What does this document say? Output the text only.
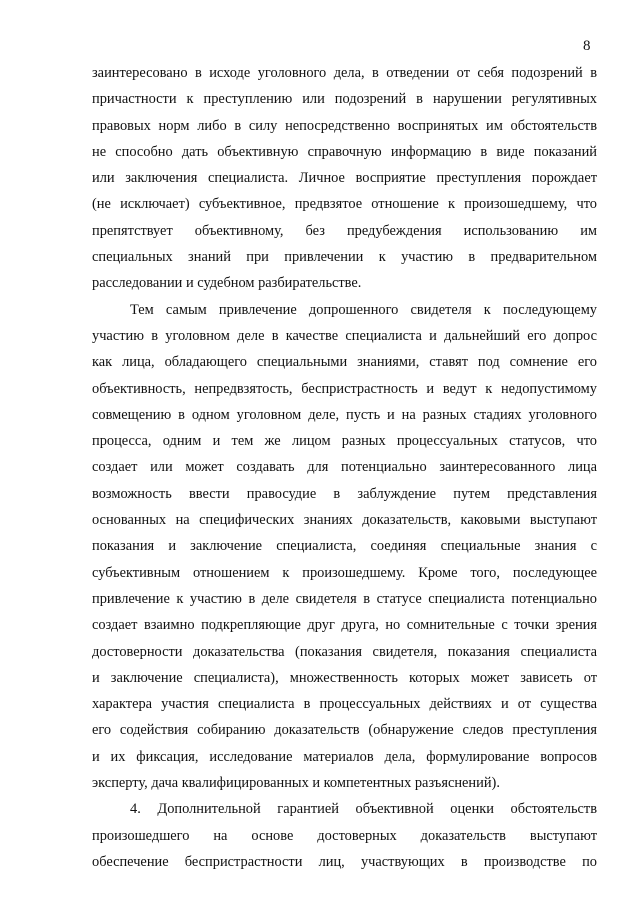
8
заинтересовано в исходе уголовного дела, в отведении от себя подозрений в
причастности к преступлению или подозрений в нарушении регулятивных
правовых норм либо в силу непосредственно воспринятых им обстоятельств
не способно дать объективную справочную информацию в виде показаний
или заключения специалиста. Личное восприятие преступления порождает
(не исключает) субъективное, предвзятое отношение к произошедшему, что
препятствует объективному, без предубеждения использованию им
специальных знаний при привлечении к участию в предварительном
расследовании и судебном разбирательстве.
Тем самым привлечение допрошенного свидетеля к последующему
участию в уголовном деле в качестве специалиста и дальнейший его допрос
как лица, обладающего специальными знаниями, ставят под сомнение его
объективность, непредвзятость, беспристрастность и ведут к недопустимому
совмещению в одном уголовном деле, пусть и на разных стадиях уголовного
процесса, одним и тем же лицом разных процессуальных статусов, что
создает или может создавать для потенциально заинтересованного лица
возможность ввести правосудие в заблуждение путем представления
основанных на специфических знаниях доказательств, каковыми выступают
показания и заключение специалиста, соединяя специальные знания с
субъективным отношением к произошедшему. Кроме того, последующее
привлечение к участию в деле свидетеля в статусе специалиста потенциально
создает взаимно подкрепляющие друг друга, но сомнительные с точки зрения
достоверности доказательства (показания свидетеля, показания специалиста
и заключение специалиста), множественность которых может зависеть от
характера участия специалиста в процессуальных действиях и от существа
его содействия собиранию доказательств (обнаружение следов преступления
и их фиксация, исследование материалов дела, формулирование вопросов
эксперту, дача квалифицированных и компетентных разъяснений).
4. Дополнительной гарантией объективной оценки обстоятельств
произошедшего на основе достоверных доказательств выступают
обеспечение беспристрастности лиц, участвующих в производстве по
